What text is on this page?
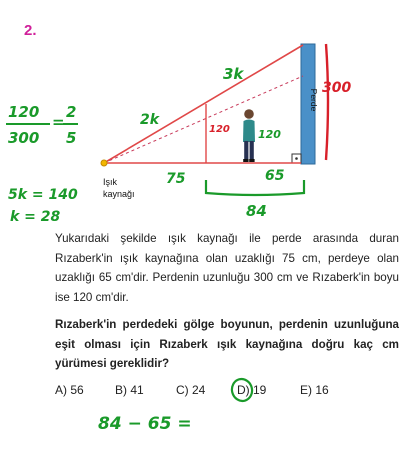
2.
Perde
Işık
kaynağı
300
120
3k
2k
120
75	65
84
120
300
=
2
5
5k = 140
k = 28

Yukarıdaki şekilde ışık kaynağı ile perde arasında duran Rızaberk'in ışık kaynağına olan uzaklığı 75 cm, perdeye olan uzaklığı 65 cm'dir. Perdenin uzunluğu 300 cm ve Rızaberk'in boyu ise 120 cm'dir.

Rızaberk'in perdedeki gölge boyunun, perdenin uzunluğuna eşit olması için Rızaberk ışık kaynağına doğru kaç cm yürümesi gereklidir?

A) 56	B) 41	C) 24	D) 19	E) 16
84 − 65 =
